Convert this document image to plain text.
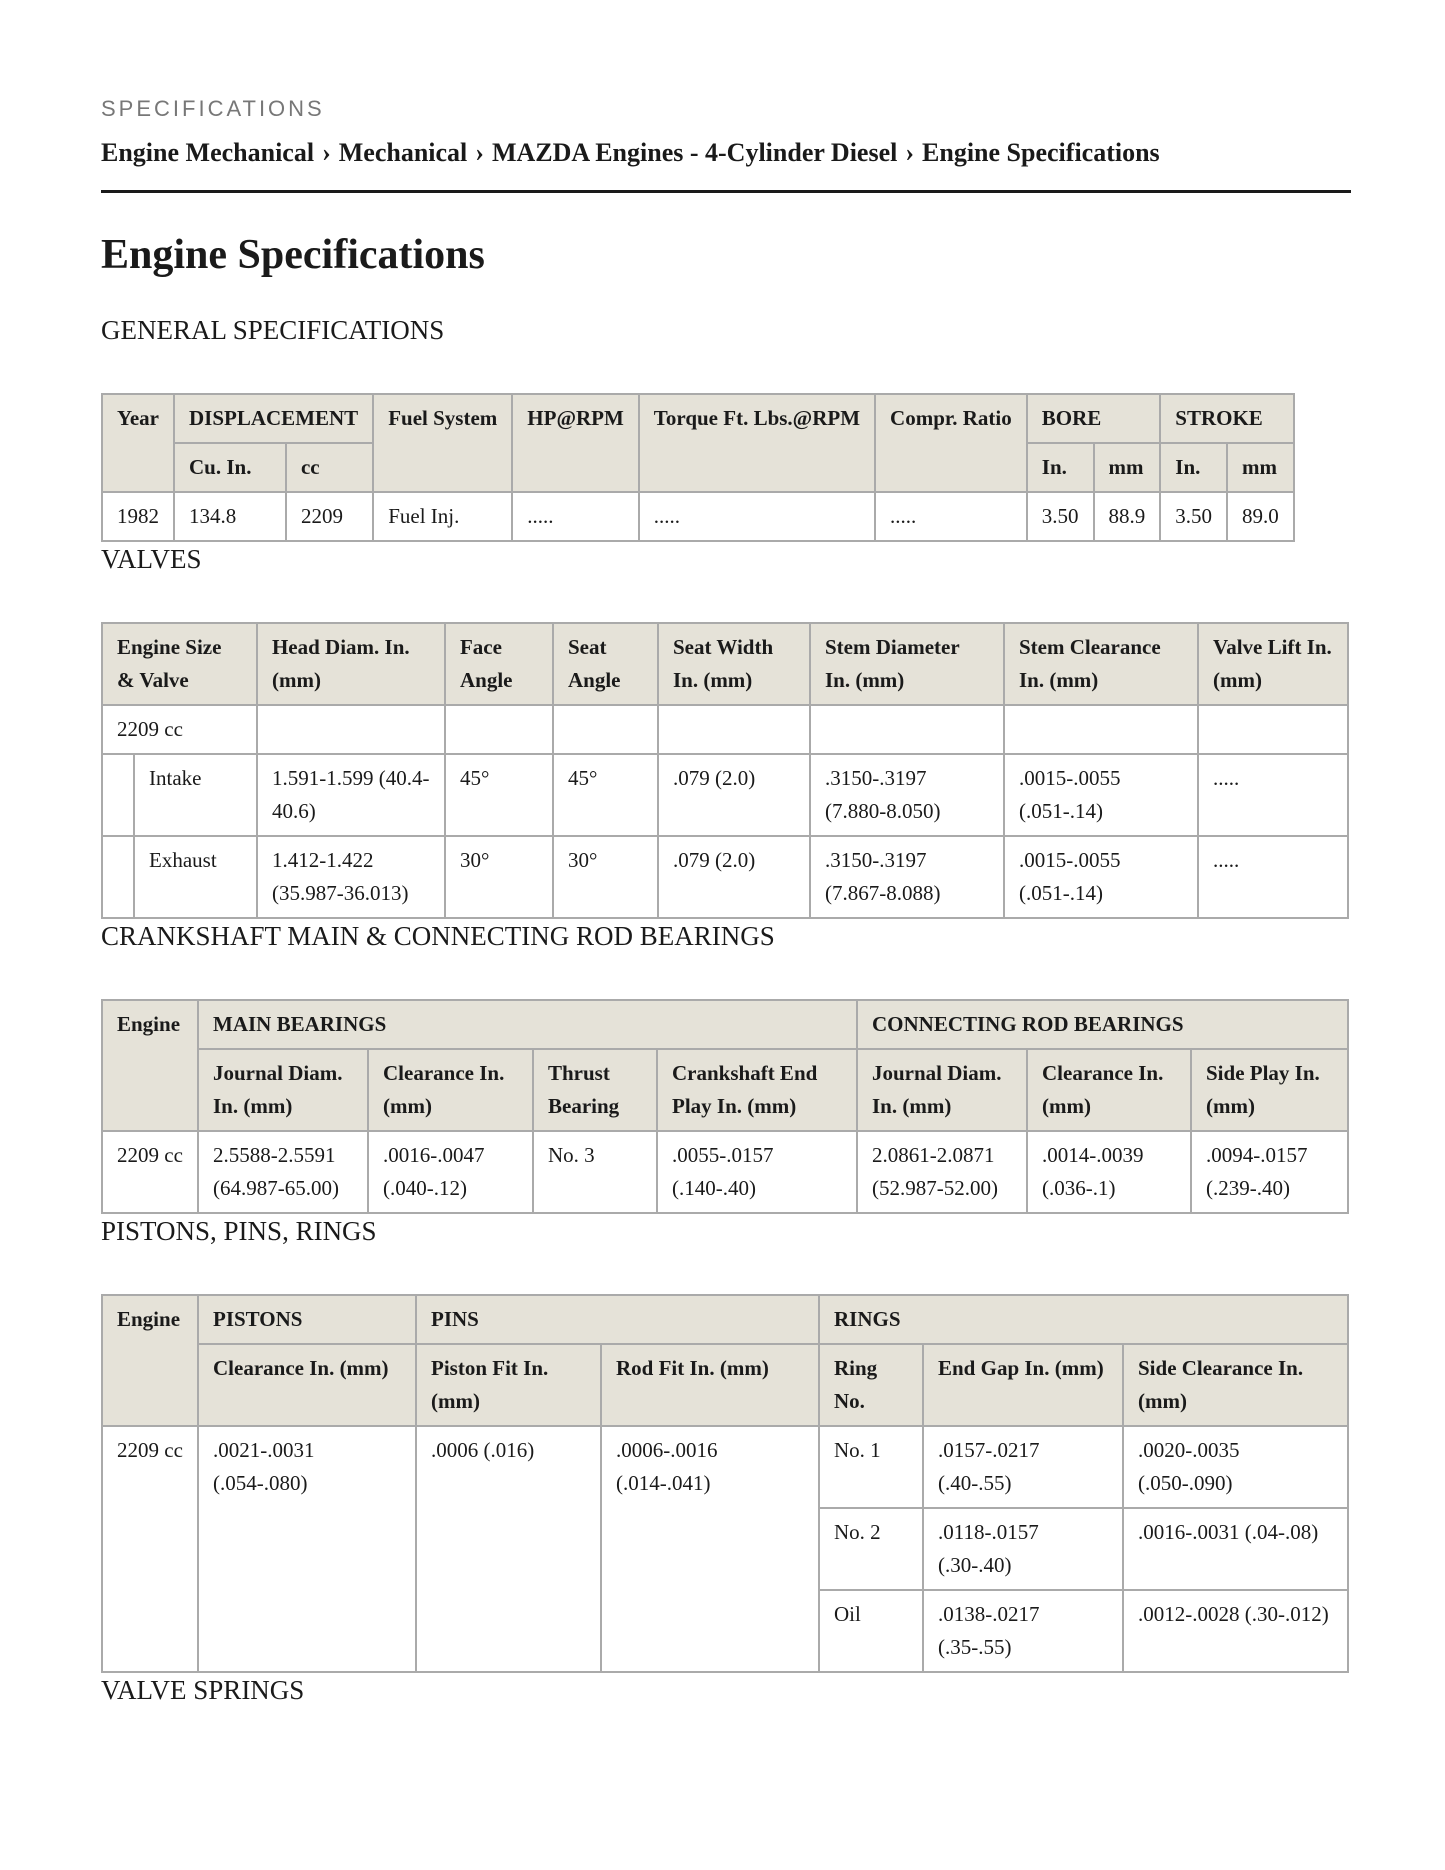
SPECIFICATIONS

Engine Mechanical › Mechanical › MAZDA Engines - 4-Cylinder Diesel › Engine Specifications
Engine Specifications
GENERAL SPECIFICATIONS
Year	DISPLACEMENT		Fuel System	HP@RPM	Torque Ft. Lbs.@RPM	Compr. Ratio	BORE		STROKE	
	Cu. In.	cc					In.	mm	In.	mm
1982	134.8	2209	Fuel Inj.	.....	.....	.....	3.50	88.9	3.50	89.0
VALVES
Engine Size & Valve		Head Diam. In. (mm)	Face Angle	Seat Angle	Seat Width In. (mm)	Stem Diameter In. (mm)	Stem Clearance In. (mm)	Valve Lift In. (mm)
2209 cc								
	Intake	1.591-1.599 (40.4-40.6)	45°	45°	.079 (2.0)	.3150-.3197 (7.880-8.050)	.0015-.0055 (.051-.14)	.....
	Exhaust	1.412-1.422 (35.987-36.013)	30°	30°	.079 (2.0)	.3150-.3197 (7.867-8.088)	.0015-.0055 (.051-.14)	.....
CRANKSHAFT MAIN & CONNECTING ROD BEARINGS
Engine	MAIN BEARINGS				CONNECTING ROD BEARINGS		
	Journal Diam. In. (mm)	Clearance In. (mm)	Thrust Bearing	Crankshaft End Play In. (mm)	Journal Diam. In. (mm)	Clearance In. (mm)	Side Play In. (mm)
2209 cc	2.5588-2.5591 (64.987-65.00)	.0016-.0047 (.040-.12)	No. 3	.0055-.0157 (.140-.40)	2.0861-2.0871 (52.987-52.00)	.0014-.0039 (.036-.1)	.0094-.0157 (.239-.40)
PISTONS, PINS, RINGS
Engine	PISTONS	PINS		RINGS		
	Clearance In. (mm)	Piston Fit In. (mm)	Rod Fit In. (mm)	Ring No.	End Gap In. (mm)	Side Clearance In. (mm)
2209 cc	.0021-.0031 (.054-.080)	.0006 (.016)	.0006-.0016 (.014-.041)	No. 1	.0157-.0217 (.40-.55)	.0020-.0035 (.050-.090)
				No. 2	.0118-.0157 (.30-.40)	.0016-.0031 (.04-.08)
				Oil	.0138-.0217 (.35-.55)	.0012-.0028 (.30-.012)
VALVE SPRINGS
